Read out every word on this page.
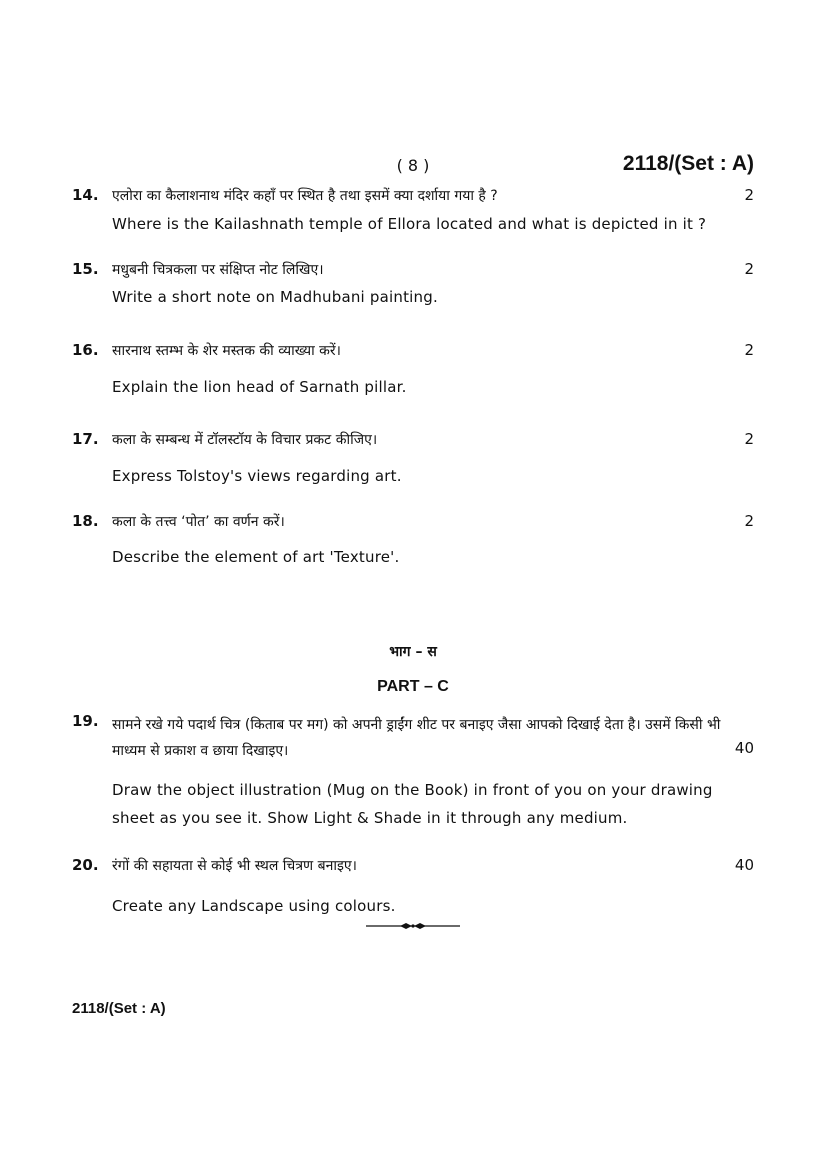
( 8 )	2118/(Set : A)
14. एलोरा का कैलाशनाथ मंदिर कहाँ पर स्थित है तथा इसमें क्या दर्शाया गया है ?	2
Where is the Kailashnath temple of Ellora located and what is depicted in it ?
15. मधुबनी चित्रकला पर संक्षिप्त नोट लिखिए।	2
Write a short note on Madhubani painting.
16. सारनाथ स्तम्भ के शेर मस्तक की व्याख्या करें।	2
Explain the lion head of Sarnath pillar.
17. कला के सम्बन्ध में टॉलस्टॉय के विचार प्रकट कीजिए।	2
Express Tolstoy's views regarding art.
18. कला के तत्त्व ‘पोत’ का वर्णन करें।	2
Describe the element of art 'Texture'.
भाग – स
PART – C
19. सामने रखे गये पदार्थ चित्र (किताब पर मग) को अपनी ड्राईंग शीट पर बनाइए जैसा आपको दिखाई देता है। उसमें किसी भी माध्यम से प्रकाश व छाया दिखाइए।	40
Draw the object illustration (Mug on the Book) in front of you on your drawing sheet as you see it. Show Light & Shade in it through any medium.
20. रंगों की सहायता से कोई भी स्थल चित्रण बनाइए।	40
Create any Landscape using colours.
2118/(Set : A)
